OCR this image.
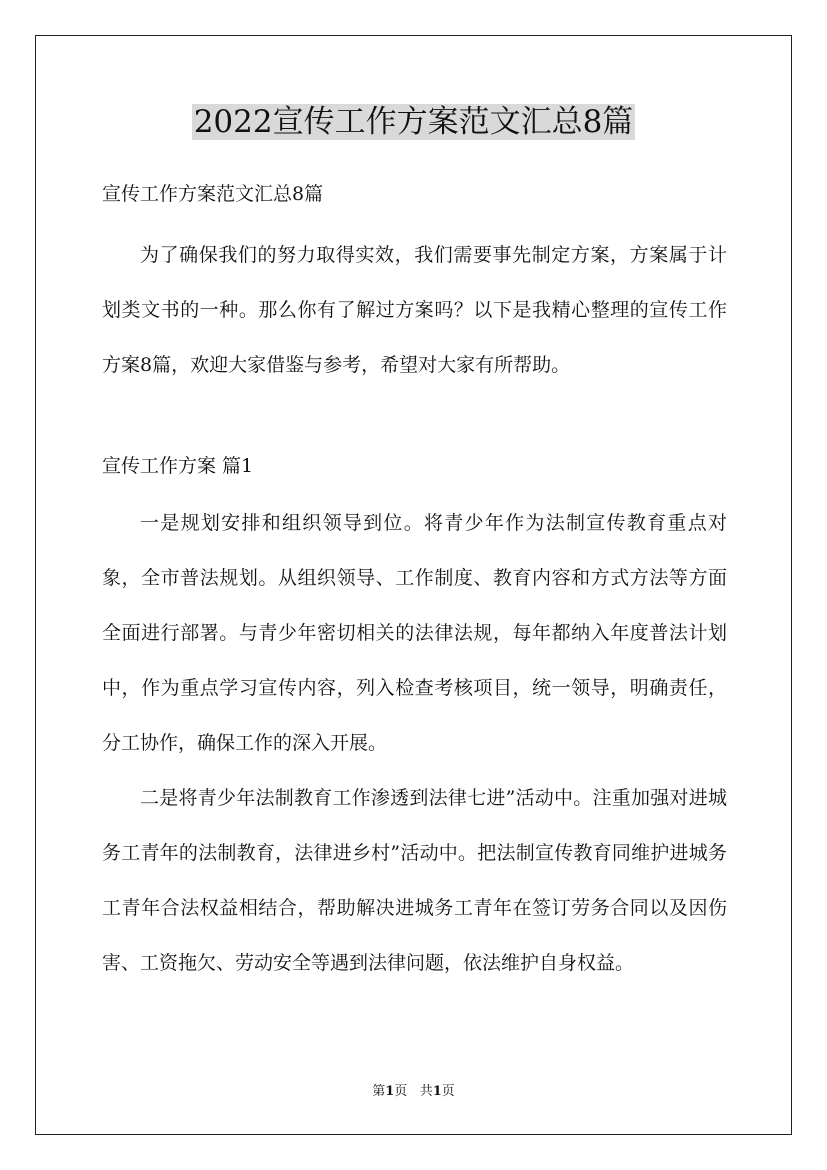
2022宣传工作方案范文汇总8篇
宣传工作方案范文汇总8篇

为了确保我们的努力取得实效，我们需要事先制定方案，方案属于计划类文书的一种。那么你有了解过方案吗？以下是我精心整理的宣传工作方案8篇，欢迎大家借鉴与参考，希望对大家有所帮助。

宣传工作方案 篇1

一是规划安排和组织领导到位。将青少年作为法制宣传教育重点对象，全市普法规划。从组织领导、工作制度、教育内容和方式方法等方面全面进行部署。与青少年密切相关的法律法规，每年都纳入年度普法计划中，作为重点学习宣传内容，列入检查考核项目，统一领导，明确责任，分工协作，确保工作的深入开展。

二是将青少年法制教育工作渗透到法律七进”活动中。注重加强对进城务工青年的法制教育，法律进乡村”活动中。把法制宣传教育同维护进城务工青年合法权益相结合，帮助解决进城务工青年在签订劳务合同以及因伤害、工资拖欠、劳动安全等遇到法律问题，依法维护自身权益。

第1页 共1页
